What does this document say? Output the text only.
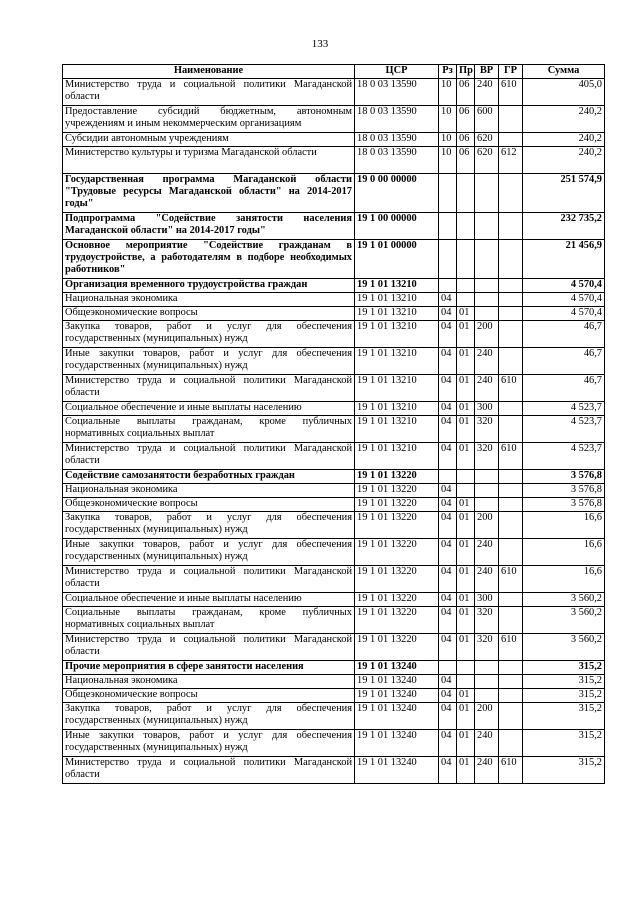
133
Наименование	ЦСР	Рз	Пр	ВР	ГР	Сумма
Министерство труда и социальной политики Магаданской области	18 0 03 13590	10	06	240	610	405,0
Предоставление субсидий бюджетным, автономным учреждениям и иным некоммерческим организациям	18 0 03 13590	10	06	600		240,2
Субсидии автономным учреждениям	18 0 03 13590	10	06	620		240,2
Министерство культуры и туризма Магаданской области	18 0 03 13590	10	06	620	612	240,2
Государственная программа Магаданской области "Трудовые ресурсы Магаданской области" на 2014-2017 годы"	19 0 00 00000					251 574,9
Подпрограмма "Содействие занятости населения Магаданской области" на 2014-2017 годы"	19 1 00 00000					232 735,2
Основное мероприятие "Содействие гражданам в трудоустройстве, а работодателям в подборе необходимых работников"	19 1 01 00000					21 456,9
Организация временного трудоустройства граждан	19 1 01 13210					4 570,4
Национальная экономика	19 1 01 13210	04				4 570,4
Общеэкономические вопросы	19 1 01 13210	04	01			4 570,4
Закупка товаров, работ и услуг для обеспечения государственных (муниципальных) нужд	19 1 01 13210	04	01	200		46,7
Иные закупки товаров, работ и услуг для обеспечения государственных (муниципальных) нужд	19 1 01 13210	04	01	240		46,7
Министерство труда и социальной политики Магаданской области	19 1 01 13210	04	01	240	610	46,7
Социальное обеспечение и иные выплаты населению	19 1 01 13210	04	01	300		4 523,7
Социальные выплаты гражданам, кроме публичных нормативных социальных выплат	19 1 01 13210	04	01	320		4 523,7
Министерство труда и социальной политики Магаданской области	19 1 01 13210	04	01	320	610	4 523,7
Содействие самозанятости безработных граждан	19 1 01 13220					3 576,8
Национальная экономика	19 1 01 13220	04				3 576,8
Общеэкономические вопросы	19 1 01 13220	04	01			3 576,8
Закупка товаров, работ и услуг для обеспечения государственных (муниципальных) нужд	19 1 01 13220	04	01	200		16,6
Иные закупки товаров, работ и услуг для обеспечения государственных (муниципальных) нужд	19 1 01 13220	04	01	240		16,6
Министерство труда и социальной политики Магаданской области	19 1 01 13220	04	01	240	610	16,6
Социальное обеспечение и иные выплаты населению	19 1 01 13220	04	01	300		3 560,2
Социальные выплаты гражданам, кроме публичных нормативных социальных выплат	19 1 01 13220	04	01	320		3 560,2
Министерство труда и социальной политики Магаданской области	19 1 01 13220	04	01	320	610	3 560,2
Прочие мероприятия в сфере занятости населения	19 1 01 13240					315,2
Национальная экономика	19 1 01 13240	04				315,2
Общеэкономические вопросы	19 1 01 13240	04	01			315,2
Закупка товаров, работ и услуг для обеспечения государственных (муниципальных) нужд	19 1 01 13240	04	01	200		315,2
Иные закупки товаров, работ и услуг для обеспечения государственных (муниципальных) нужд	19 1 01 13240	04	01	240		315,2
Министерство труда и социальной политики Магаданской области	19 1 01 13240	04	01	240	610	315,2
